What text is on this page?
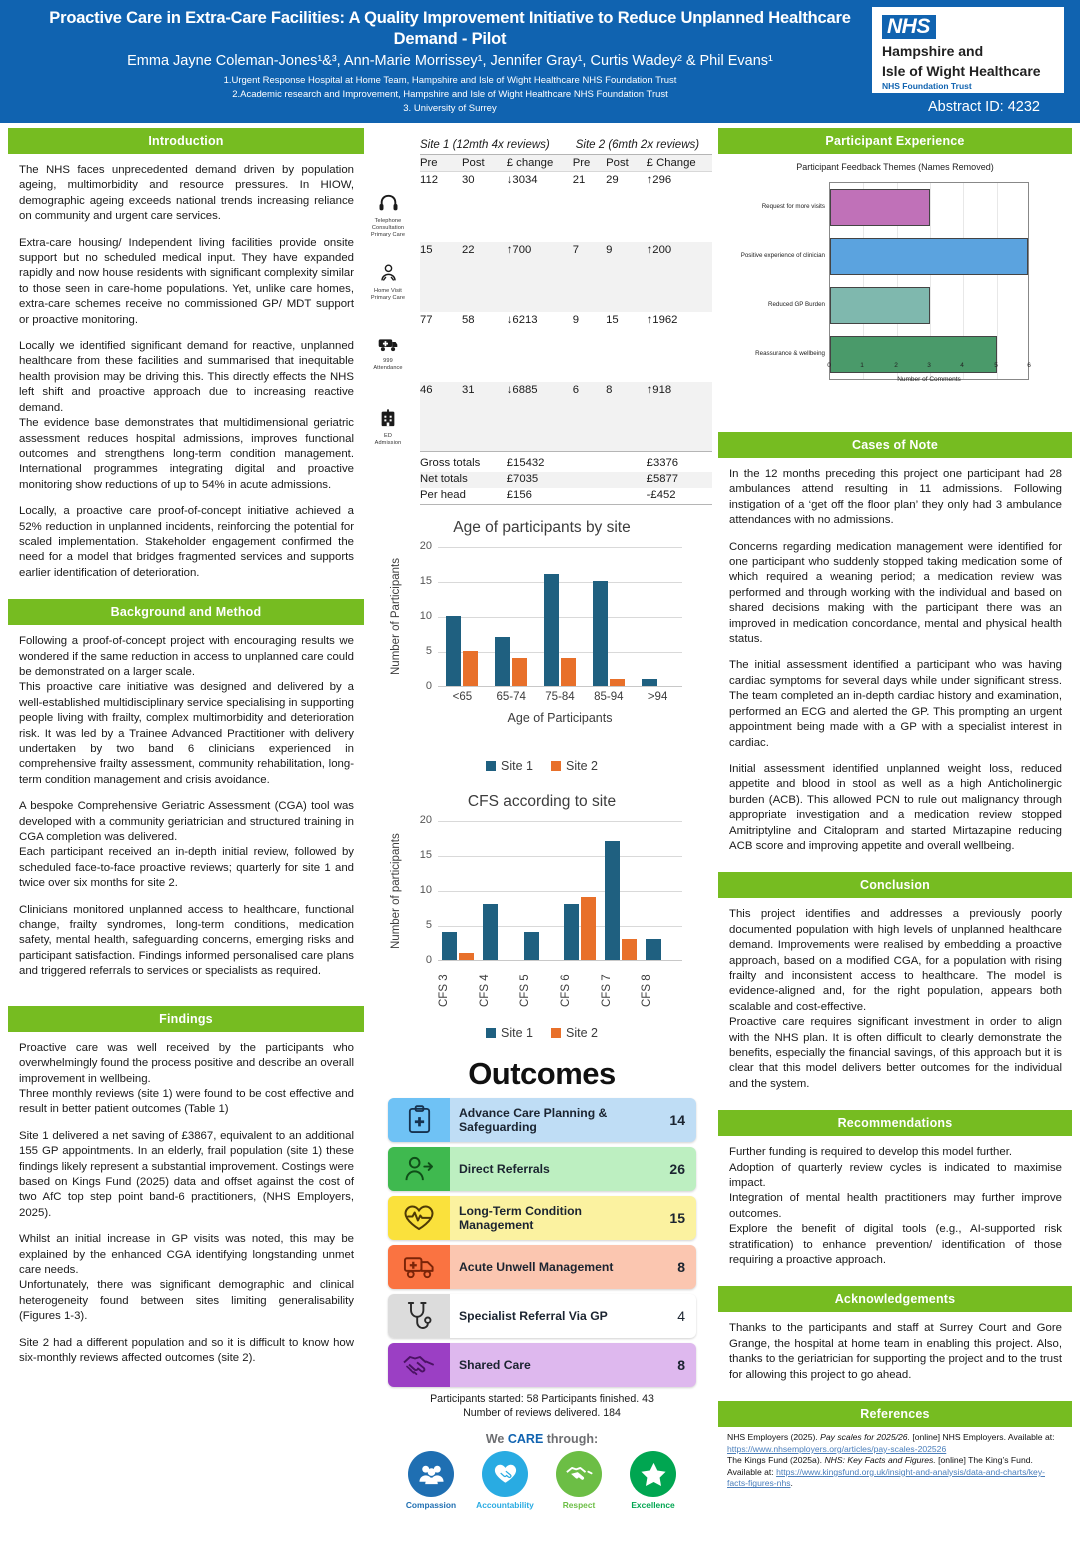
Proactive Care in Extra-Care Facilities: A Quality Improvement Initiative to Reduce Unplanned Healthcare Demand - Pilot
Emma Jayne Coleman-Jones¹&³, Ann-Marie Morrissey¹, Jennifer Gray¹, Curtis Wadey² & Phil Evans¹
1.Urgent Response Hospital at Home Team, Hampshire and Isle of Wight Healthcare NHS Foundation Trust
2.Academic research and Improvement, Hampshire and Isle of Wight Healthcare NHS Foundation Trust
3. University of Surrey
NHS
Hampshire and
Isle of Wight Healthcare
NHS Foundation Trust
Abstract ID: 4232
Introduction

The NHS faces unprecedented demand driven by population ageing, multimorbidity and resource pressures. In HIOW, demographic ageing exceeds national trends increasing reliance on community and urgent care services.

Extra-care housing/ Independent living facilities provide onsite support but no scheduled medical input. They have expanded rapidly and now house residents with significant complexity similar to those seen in care-home populations. Yet, unlike care homes, extra-care schemes receive no commissioned GP/ MDT support or proactive monitoring.

Locally we identified significant demand for reactive, unplanned healthcare from these facilities and summarised that inequitable health provision may be driving this. This directly effects the NHS left shift and proactive approach due to increasing reactive demand.

The evidence base demonstrates that multidimensional geriatric assessment reduces hospital admissions, improves functional outcomes and strengthens long-term condition management. International programmes integrating digital and proactive monitoring show reductions of up to 54% in acute admissions.

Locally, a proactive care proof-of-concept initiative achieved a 52% reduction in unplanned incidents, reinforcing the potential for scaled implementation. Stakeholder engagement confirmed the need for a model that bridges fragmented services and supports earlier identification of deterioration.

Background and Method

Following a proof-of-concept project with encouraging results we wondered if the same reduction in access to unplanned care could be demonstrated on a larger scale.

This proactive care initiative was designed and delivered by a well-established multidisciplinary service specialising in supporting people living with frailty, complex multimorbidity and deterioration risk. It was led by a Trainee Advanced Practitioner with delivery undertaken by two band 6 clinicians experienced in comprehensive frailty assessment, community rehabilitation, long-term condition management and crisis avoidance.

A bespoke Comprehensive Geriatric Assessment (CGA) tool was developed with a community geriatrician and structured training in CGA completion was delivered.

Each participant received an in-depth initial review, followed by scheduled face-to-face proactive reviews; quarterly for site 1 and twice over six months for site 2.

Clinicians monitored unplanned access to healthcare, functional change, frailty syndromes, long-term conditions, medication safety, mental health, safeguarding concerns, emerging risks and participant satisfaction. Findings informed personalised care plans and triggered referrals to services or specialists as required.

Findings

Proactive care was well received by the participants who overwhelmingly found the process positive and describe an overall improvement in wellbeing.

Three monthly reviews (site 1) were found to be cost effective and result in better patient outcomes (Table 1)

Site 1 delivered a net saving of £3867, equivalent to an additional 155 GP appointments. In an elderly, frail population (site 1) these findings likely represent a substantial improvement. Costings were based on Kings Fund (2025) data and offset against the cost of two AfC top step point band-6 practitioners, (NHS Employers, 2025).

Whilst an initial increase in GP visits was noted, this may be explained by the enhanced CGA identifying longstanding unmet care needs.

Unfortunately, there was significant demographic and clinical heterogeneity found between sites limiting generalisability (Figures 1-3).

Site 2 had a different population and so it is difficult to know how six-monthly reviews affected outcomes (site 2).

Telephone Consultation
Primary Care
Home Visit
Primary Care
999
Attendance
ED
Admission
Site 1 (12mth 4x reviews)	Site 2 (6mth 2x reviews)
Pre	Post	£ change	Pre	Post	£ Change
112	30	↓3034	21	29	↑296
15	22	↑700	7	9	↑200
77	58	↓6213	9	15	↑1962
46	31	↓6885	6	8	↑918

Gross totals		£15432			£3376
Net totals		£7035			£5877
Per head		£156			-£452
Age of participants by site
Number of Participants
20
15
10
5
0
<65	65-74	75-84	85-94	>94
Age of Participants
Site 1	Site 2
CFS according to site
Number of participants
20
15
10
5
0
CFS 3	CFS 4	CFS 5	CFS 6	CFS 7	CFS 8
Site 1	Site 2
Outcomes
Advance Care Planning & Safeguarding	14
Direct Referrals	26
Long-Term Condition Management	15
Acute Unwell Management	8
Specialist Referral Via GP	4
Shared Care	8
Participants started: 58 Participants finished. 43
Number of reviews delivered. 184
We CARE through:
Compassion	Accountability	Respect	Excellence
Participant Experience
Participant Feedback Themes (Names Removed)
Request for more visits
Positive experience of clinician
Reduced GP Burden
Reassurance & wellbeing
0	1	2	3	4	5	6
Number of Comments
Cases of Note

In the 12 months preceding this project one participant had 28 ambulances attend resulting in 11 admissions. Following instigation of a ‘get off the floor plan’ they only had 3 ambulance attendances with no admissions.

Concerns regarding medication management were identified for one participant who suddenly stopped taking medication some of which required a weaning period; a medication review was performed and through working with the individual and based on shared decisions making with the participant there was an improved in medication concordance, mental and physical health status.

The initial assessment identified a participant who was having cardiac symptoms for several days while under significant stress. The team completed an in-depth cardiac history and examination, performed an ECG and alerted the GP. This prompting an urgent appointment being made with a GP with a specialist interest in cardiac.

Initial assessment identified unplanned weight loss, reduced appetite and blood in stool as well as a high Anticholinergic burden (ACB). This allowed PCN to rule out malignancy through appropriate investigation and a medication review stopped Amitriptyline and Citalopram and started Mirtazapine reducing ACB score and improving appetite and overall wellbeing.

Conclusion

This project identifies and addresses a previously poorly documented population with high levels of unplanned healthcare demand. Improvements were realised by embedding a proactive approach, based on a modified CGA, for a population with rising frailty and inconsistent access to healthcare. The model is evidence-aligned and, for the right population, appears both scalable and cost-effective.

Proactive care requires significant investment in order to align with the NHS plan. It is often difficult to clearly demonstrate the benefits, especially the financial savings, of this approach but it is clear that this model delivers better outcomes for the individual and the system.

Recommendations

Further funding is required to develop this model further.

Adoption of quarterly review cycles is indicated to maximise impact.

Integration of mental health practitioners may further improve outcomes.

Explore the benefit of digital tools (e.g., AI-supported risk stratification) to enhance prevention/ identification of those requiring a proactive approach.

Acknowledgements

Thanks to the participants and staff at Surrey Court and Gore Grange, the hospital at home team in enabling this project. Also, thanks to the geriatrician for supporting the project and to the trust for allowing this project to go ahead.

References
NHS Employers (2025). Pay scales for 2025/26. [online] NHS Employers. Available at: https://www.nhsemployers.org/articles/pay-scales-202526
The Kings Fund (2025a). NHS: Key Facts and Figures. [online] The King’s Fund. Available at: https://www.kingsfund.org.uk/insight-and-analysis/data-and-charts/key-facts-figures-nhs.
